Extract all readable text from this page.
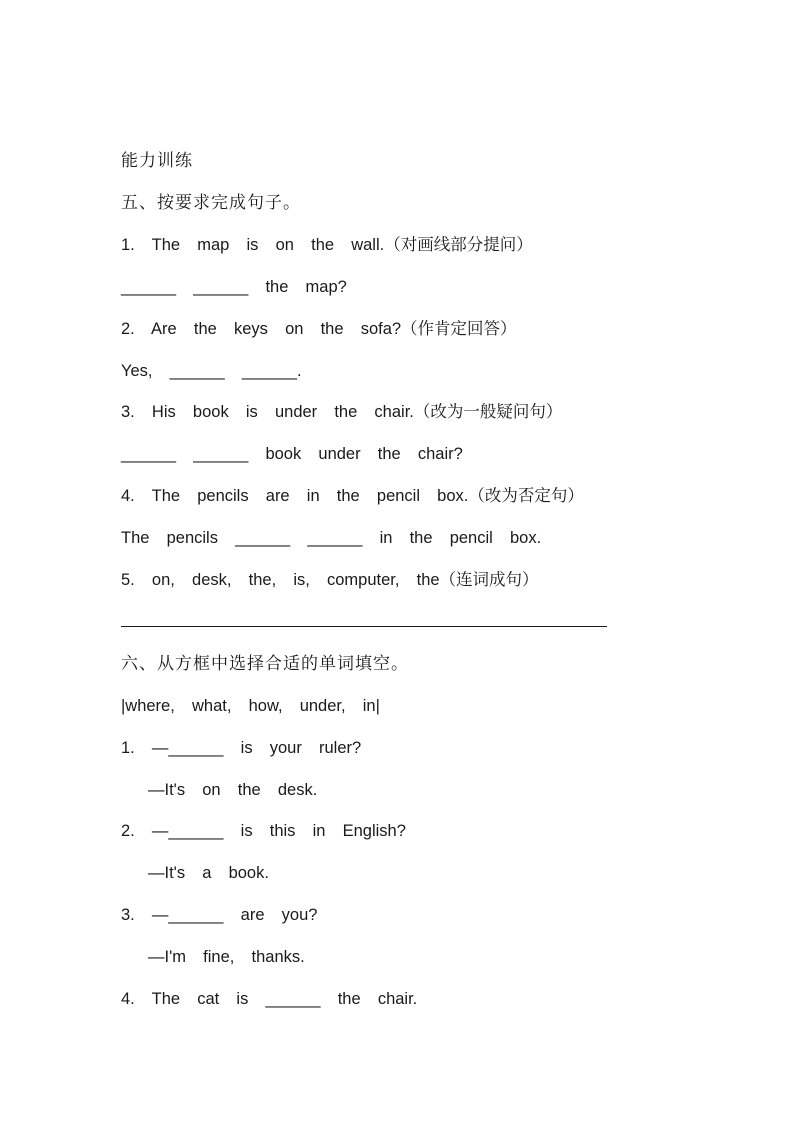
能力训练
五、按要求完成句子。
1.  The  map  is  on  the  wall.（对画线部分提问）
______  ______  the  map?
2.  Are  the  keys  on  the  sofa?（作肯定回答）
Yes,  ______  ______.
3.  His  book  is  under  the  chair.（改为一般疑问句）
______  ______  book  under  the  chair?
4.  The  pencils  are  in  the  pencil  box.（改为否定句）
The  pencils  ______  ______  in  the  pencil  box.
5.  on,  desk,  the,  is,  computer,  the（连词成句）
六、从方框中选择合适的单词填空。
|where,  what,  how,  under,  in|
1.  —______  is  your  ruler?
—It's  on  the  desk.
2.  —______  is  this  in  English?
—It's  a  book.
3.  —______  are  you?
—I'm  fine,  thanks.
4.  The  cat  is  ______  the  chair.
